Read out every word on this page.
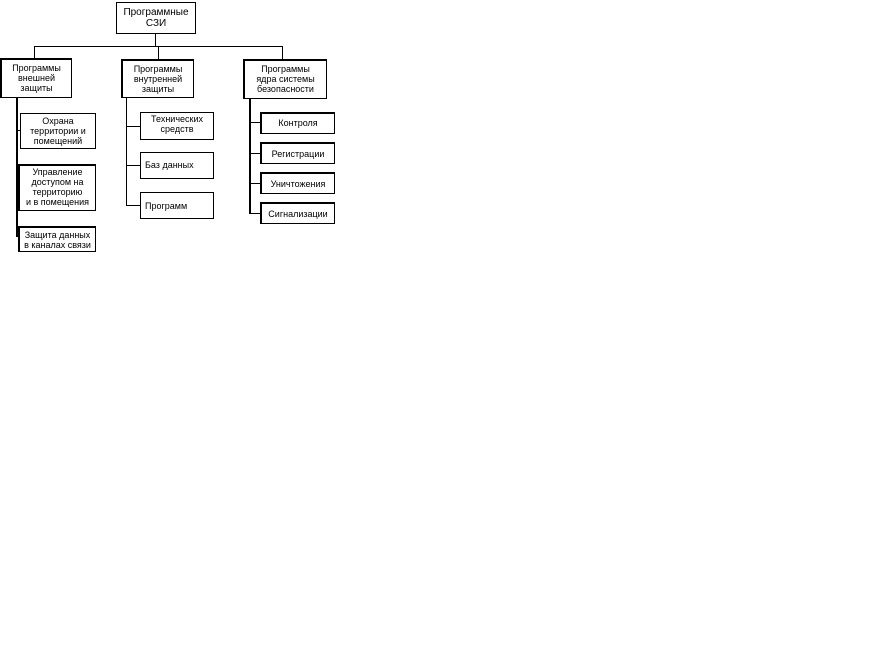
Программные
СЗИ
Программы
внешней
защиты
Программы
внутренней
защиты
Программы
ядра системы
безопасности
Охрана
территории и
помещений
Управление
доступом на
территорию
и в помещения
Защита данных
в каналах связи
Технических
средств
Баз данных
Программ
Контроля
Регистрации
Уничтожения
Сигнализации
